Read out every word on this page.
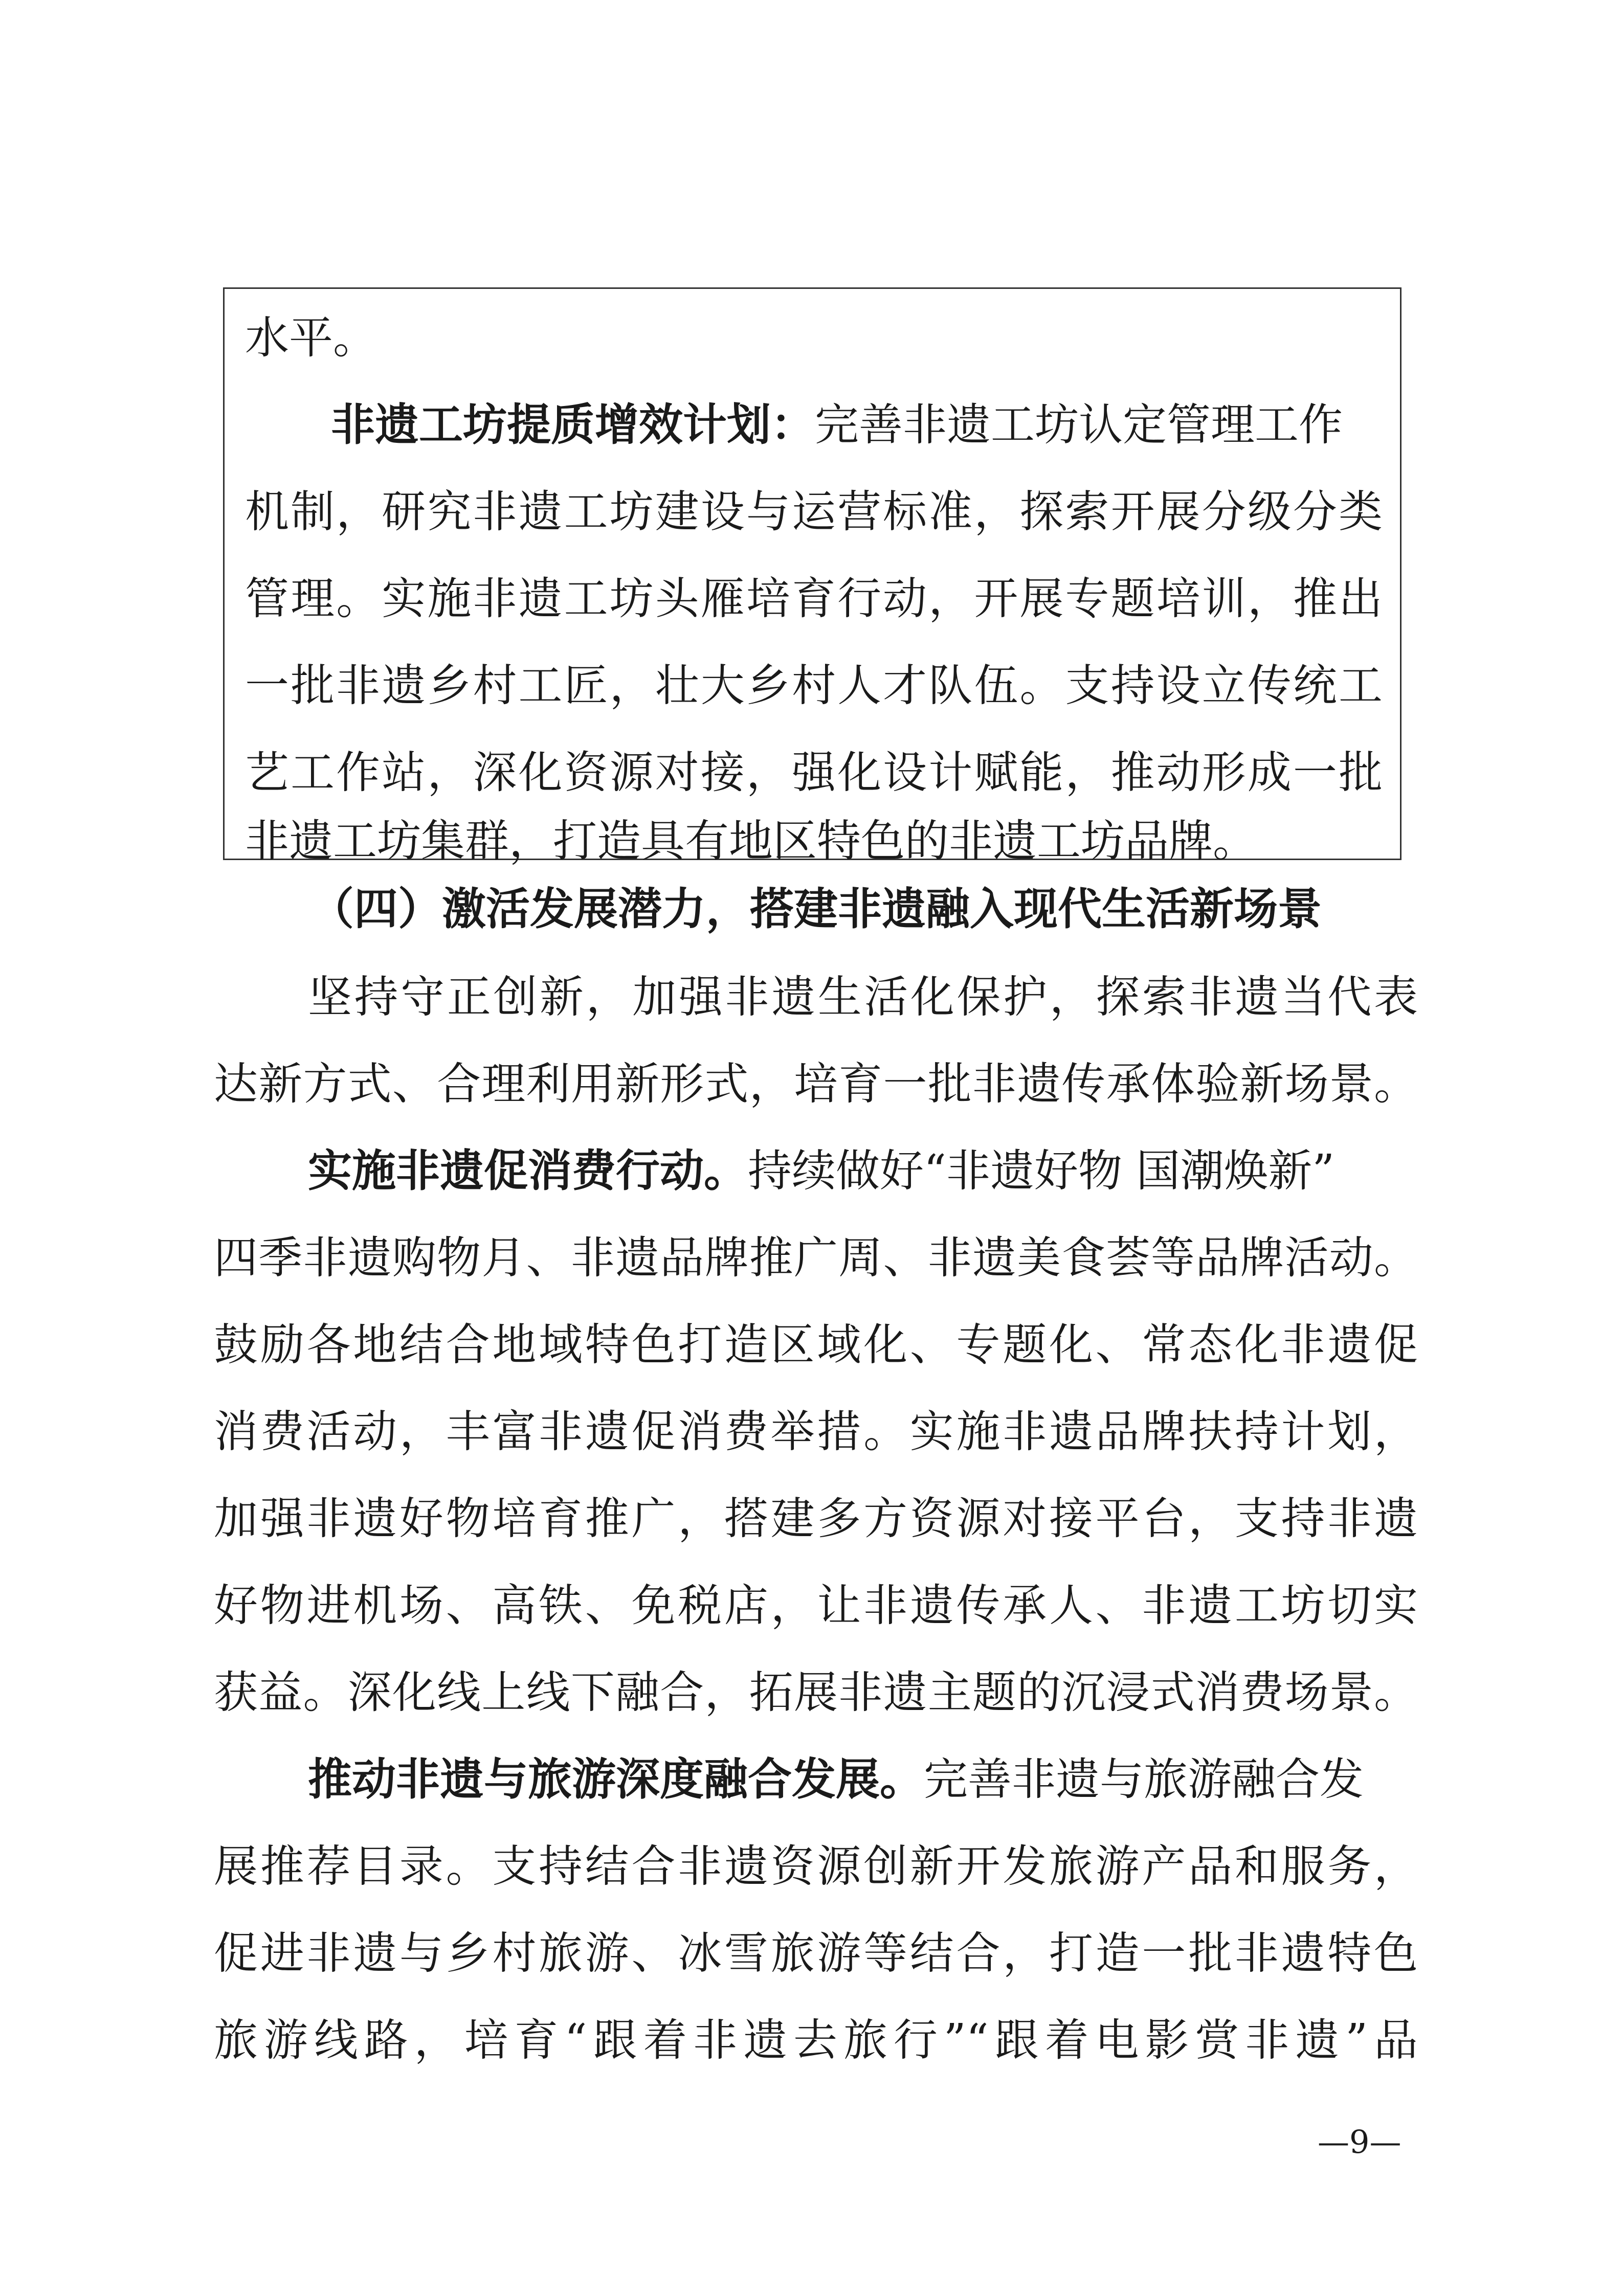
水平。
非遗工坊提质增效计划：完善非遗工坊认定管理工作
机制，研究非遗工坊建设与运营标准，探索开展分级分类
管理。实施非遗工坊头雁培育行动，开展专题培训，推出
一批非遗乡村工匠，壮大乡村人才队伍。支持设立传统工
艺工作站，深化资源对接，强化设计赋能，推动形成一批
非遗工坊集群，打造具有地区特色的非遗工坊品牌。
（四）激活发展潜力，搭建非遗融入现代生活新场景
坚持守正创新，加强非遗生活化保护，探索非遗当代表
达新方式、合理利用新形式，培育一批非遗传承体验新场景。
实施非遗促消费行动。持续做好“非遗好物 国潮焕新”
四季非遗购物月、非遗品牌推广周、非遗美食荟等品牌活动。
鼓励各地结合地域特色打造区域化、专题化、常态化非遗促
消费活动，丰富非遗促消费举措。实施非遗品牌扶持计划，
加强非遗好物培育推广，搭建多方资源对接平台，支持非遗
好物进机场、高铁、免税店，让非遗传承人、非遗工坊切实
获益。深化线上线下融合，拓展非遗主题的沉浸式消费场景。
推动非遗与旅游深度融合发展。完善非遗与旅游融合发
展推荐目录。支持结合非遗资源创新开发旅游产品和服务，
促进非遗与乡村旅游、冰雪旅游等结合，打造一批非遗特色
旅游线路，培育“跟着非遗去旅行”“跟着电影赏非遗”品
—9—
